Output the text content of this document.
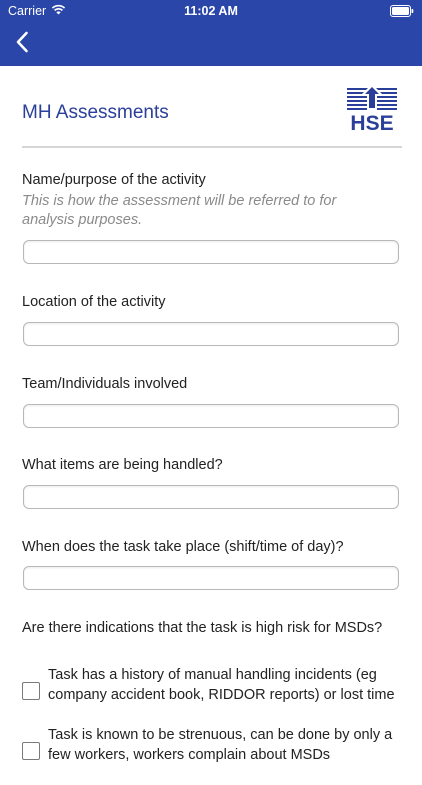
Carrier	11:02 AM
MH Assessments	HSE
Name/purpose of the activity
This is how the assessment will be referred to for analysis purposes.
Location of the activity
Team/Individuals involved
What items are being handled?
When does the task take place (shift/time of day)?
Are there indications that the task is high risk for MSDs?
Task has a history of manual handling incidents (eg company accident book, RIDDOR reports) or lost time
Task is known to be strenuous, can be done by only a few workers, workers complain about MSDs
